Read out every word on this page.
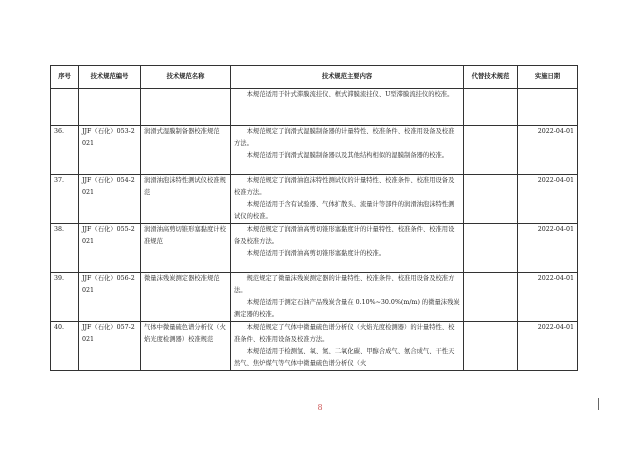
序号	技术规范编号	技术规范名称	技术规范主要内容	代替技术规范	实施日期

			本规范适用于针式滞膜流挂仪、框式滞膜流挂仪、U型滞膜流挂仪的校准。		

36.	JJF（石化）053-2021	润滑式湿膜制备器校准规范	本规范规定了润滑式湿膜制备器的计量特性、校准条件、校准用设备及校准方法。
本规范适用于润滑式湿膜制备器以及其他结构相似的湿膜制备器的校准。		2022-04-01
37.	JJF（石化）054-2021	润滑油泡沫特性测试仪校准规范	本规范规定了润滑油泡沫特性测试仪的计量特性、校准条件、校准用设备及校准方法。
本规范适用于含有试验器、气体扩散头、流量计等部件的润滑油泡沫特性测试仪的校准。		2022-04-01
38.	JJF（石化）055-2021	润滑油高剪切锥形塞黏度计校准规范	本规范规定了润滑油高剪切锥形塞黏度计的计量特性、校准条件、校准用设备及校准方法。
本规范适用于润滑油高剪切锥形塞黏度计的校准。		2022-04-01
39.	JJF（石化）056-2021	微量沫残炭测定器校准规范	规范规定了微量沫残炭测定器的计量特性、校准条件、校准用设备及校准方法。
本规范适用于测定石油产品残炭含量在 0.10%~30.0%(m/m) 的微量沫残炭测定器的校准。		2022-04-01
40.	JJF（石化）057-2021	气体中微量硫色谱分析仪（火焰光度检测器）校准规范	本规范规定了气体中微量硫色谱分析仪（火焰光度检测器）的计量特性、校准条件、校准用设备及校准方法。
本规范适用于检测氢、氧、氮、二氧化碳、甲醇合成气、氨合成气、干性天然气、焦炉煤气等气体中微量硫色谱分析仪（火		2022-04-01
8
